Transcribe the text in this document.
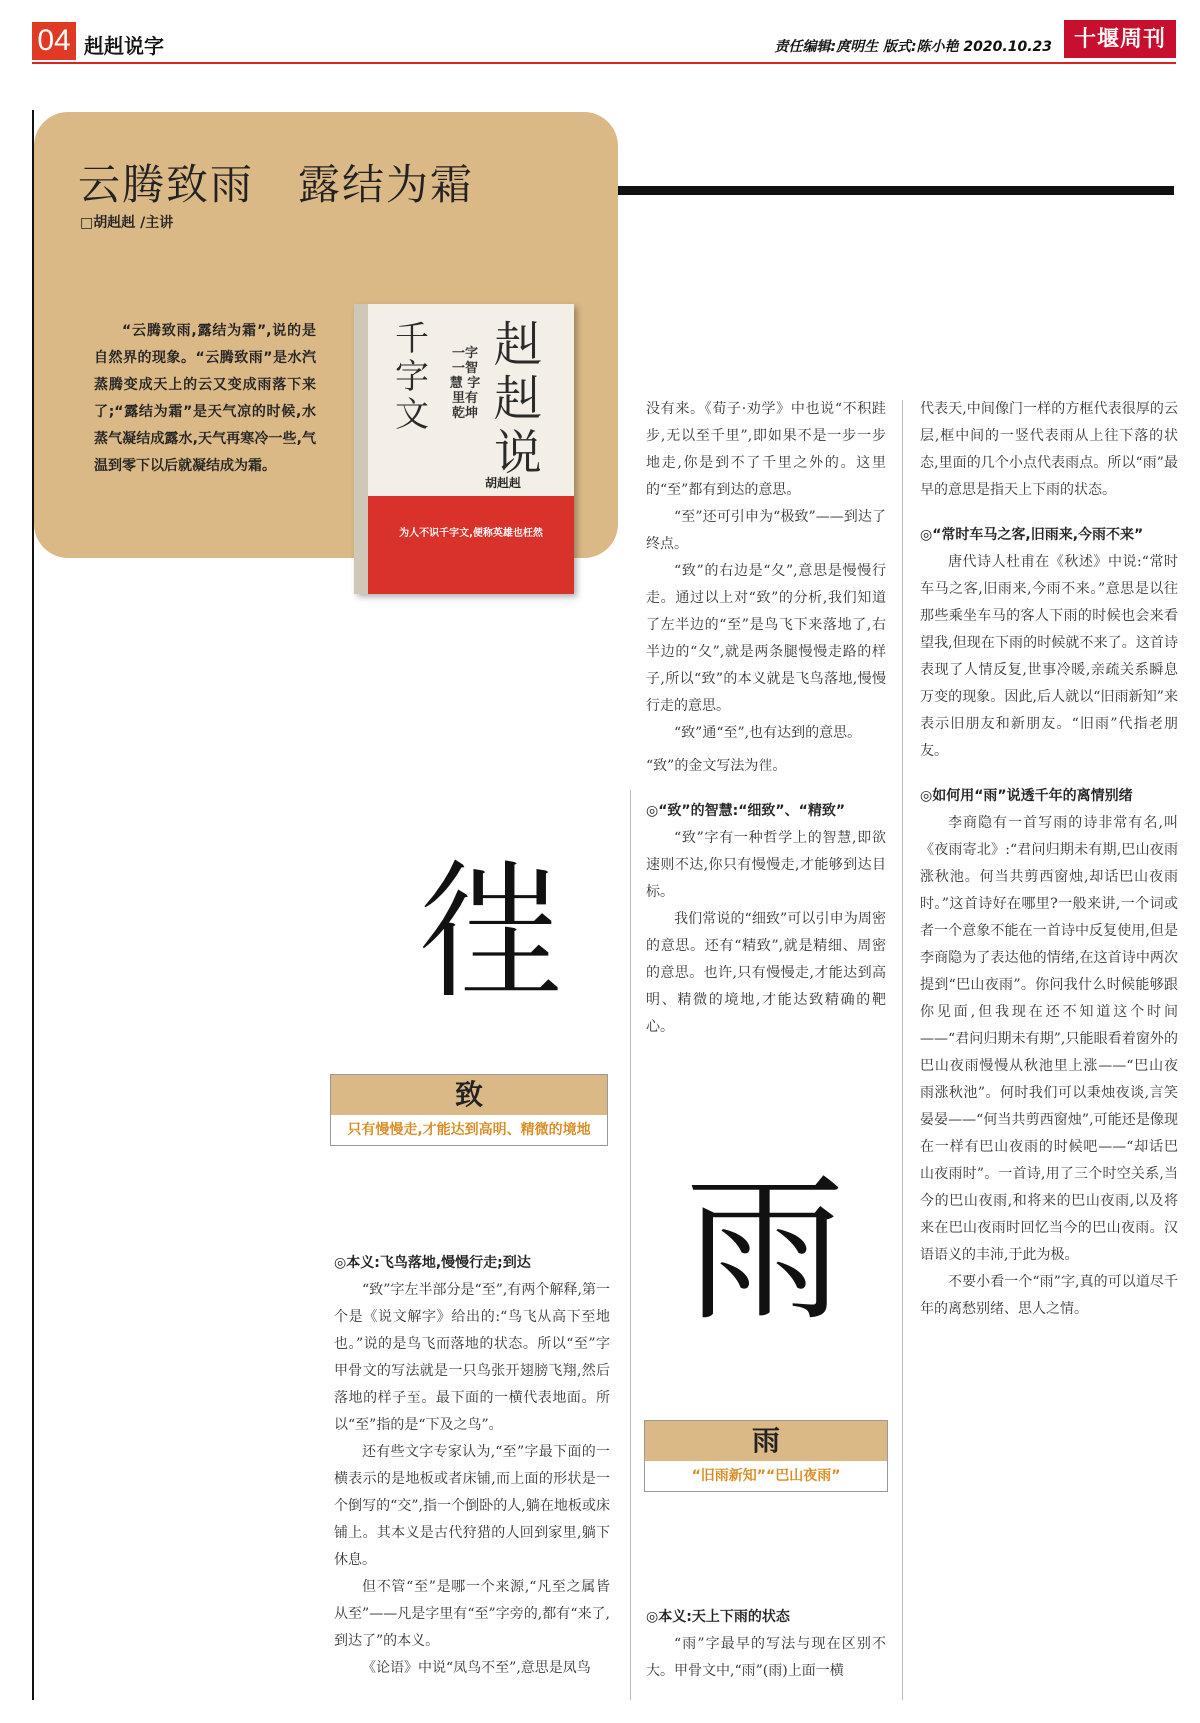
04 赳赳说字	责任编辑:庹明生 版式:陈小艳 2020.10.23 十堰周刊
云腾致雨　露结为霜
□胡赳赳 /主讲
“云腾致雨,露结为霜”,说的是自然界的现象。“云腾致雨”是水汽蒸腾变成天上的云又变成雨落下来了;“露结为霜”是天气凉的时候,水蒸气凝结成露水,天气再寒冷一些,气温到零下以后就凝结成为霜。
赳赳说
千字文
一字一智慧 字里有乾坤
胡赳赳
为人不识千字文,便称英雄也枉然
𢓸
致
只有慢慢走,才能达到高明、精微的境地
◎本义:飞鸟落地,慢慢行走;到达

“致”字左半部分是“至”,有两个解释,第一个是《说文解字》给出的:“鸟飞从高下至地也。”说的是鸟飞而落地的状态。所以“至”字甲骨文的写法就是一只鸟张开翅膀飞翔,然后落地的样子𦤳。最下面的一横代表地面。所以“至”指的是“下及之鸟”。

还有些文字专家认为,“至”字最下面的一横表示的是地板或者床铺,而上面的形状是一个倒写的“交”,指一个倒卧的人,躺在地板或床铺上。其本义是古代狩猎的人回到家里,躺下休息。

但不管“至”是哪一个来源,“凡至之属皆从至”——凡是字里有“至”字旁的,都有“来了,到达了”的本义。

《论语》中说“凤鸟不至”,意思是凤鸟

没有来。《荀子·劝学》中也说“不积跬步,无以至千里”,即如果不是一步一步地走,你是到不了千里之外的。这里的“至”都有到达的意思。

“至”还可引申为“极致”——到达了终点。

“致”的右边是“夂”,意思是慢慢行走。通过以上对“致”的分析,我们知道了左半边的“至”是鸟飞下来落地了,右半边的“夂”,就是两条腿慢慢走路的样子,所以“致”的本义就是飞鸟落地,慢慢行走的意思。

“致”通“至”,也有达到的意思。

“致”的金文写法为𢓸。

◎“致”的智慧:“细致”、“精致”

“致”字有一种哲学上的智慧,即欲速则不达,你只有慢慢走,才能够到达目标。

我们常说的“细致”可以引申为周密的意思。还有“精致”,就是精细、周密的意思。也许,只有慢慢走,才能达到高明、精微的境地,才能达致精确的靶心。

雨
雨
“旧雨新知”“巴山夜雨”
◎本义:天上下雨的状态

“雨”字最早的写法与现在区别不大。甲骨文中,“雨”(雨)上面一横

代表天,中间像门一样的方框代表很厚的云层,框中间的一竖代表雨从上往下落的状态,里面的几个小点代表雨点。所以“雨”最早的意思是指天上下雨的状态。

◎“常时车马之客,旧雨来,今雨不来”

唐代诗人杜甫在《秋述》中说:“常时车马之客,旧雨来,今雨不来。”意思是以往那些乘坐车马的客人下雨的时候也会来看望我,但现在下雨的时候就不来了。这首诗表现了人情反复,世事冷暖,亲疏关系瞬息万变的现象。因此,后人就以“旧雨新知”来表示旧朋友和新朋友。“旧雨”代指老朋友。

◎如何用“雨”说透千年的离情别绪

李商隐有一首写雨的诗非常有名,叫《夜雨寄北》:“君问归期未有期,巴山夜雨涨秋池。何当共剪西窗烛,却话巴山夜雨时。”这首诗好在哪里?一般来讲,一个词或者一个意象不能在一首诗中反复使用,但是李商隐为了表达他的情绪,在这首诗中两次提到“巴山夜雨”。你问我什么时候能够跟你见面,但我现在还不知道这个时间——“君问归期未有期”,只能眼看着窗外的巴山夜雨慢慢从秋池里上涨——“巴山夜雨涨秋池”。何时我们可以秉烛夜谈,言笑晏晏——“何当共剪西窗烛”,可能还是像现在一样有巴山夜雨的时候吧——“却话巴山夜雨时”。一首诗,用了三个时空关系,当今的巴山夜雨,和将来的巴山夜雨,以及将来在巴山夜雨时回忆当今的巴山夜雨。汉语语义的丰沛,于此为极。

不要小看一个“雨”字,真的可以道尽千年的离愁别绪、思人之情。
